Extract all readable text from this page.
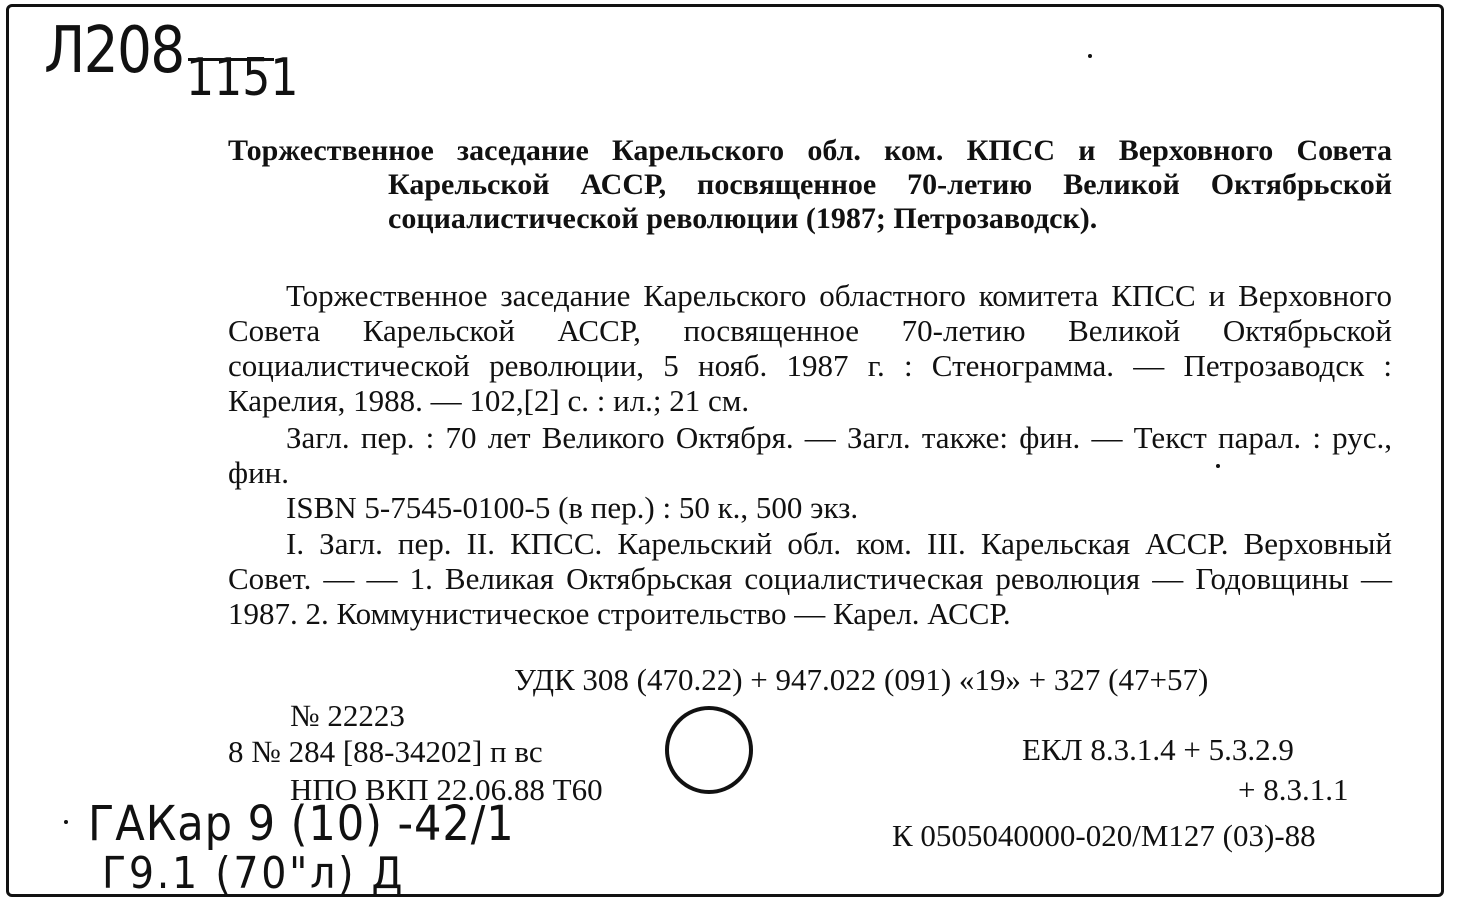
Л208 1151
Торжественное заседание Карельского обл. ком. КПСС и Верховного Совета Карельской АССР, посвященное 70-летию Великой Октябрьской социалистической революции (1987; Петрозаводск).
Торжественное заседание Карельского областного комитета КПСС и Верховного Совета Карельской АССР, посвященное 70-летию Великой Октябрьской социалистической революции, 5 нояб. 1987 г. : Стенограмма. — Петрозаводск : Карелия, 1988. — 102,[2] с. : ил.; 21 см.
Загл. пер. : 70 лет Великого Октября. — Загл. также: фин. — Текст парал. : рус., фин.
ISBN 5-7545-0100-5 (в пер.) : 50 к., 500 экз.
I. Загл. пер. II. КПСС. Карельский обл. ком. III. Карельская АССР. Верховный Совет. — — 1. Великая Октябрьская социалистическая революция — Годовщины — 1987. 2. Коммунистическое строительство — Карел. АССР.
УДК 308 (470.22) + 947.022 (091) «19» + 327 (47+57)
№ 22223
8 № 284 [88-34202] п вс
НПО ВКП 22.06.88 Т60
ЕКЛ 8.3.1.4 + 5.3.2.9
+ 8.3.1.1
К 0505040000-020/М127 (03)-88
ГАКар 9 (10) -42/1
Г9.1 (70"л) Д
